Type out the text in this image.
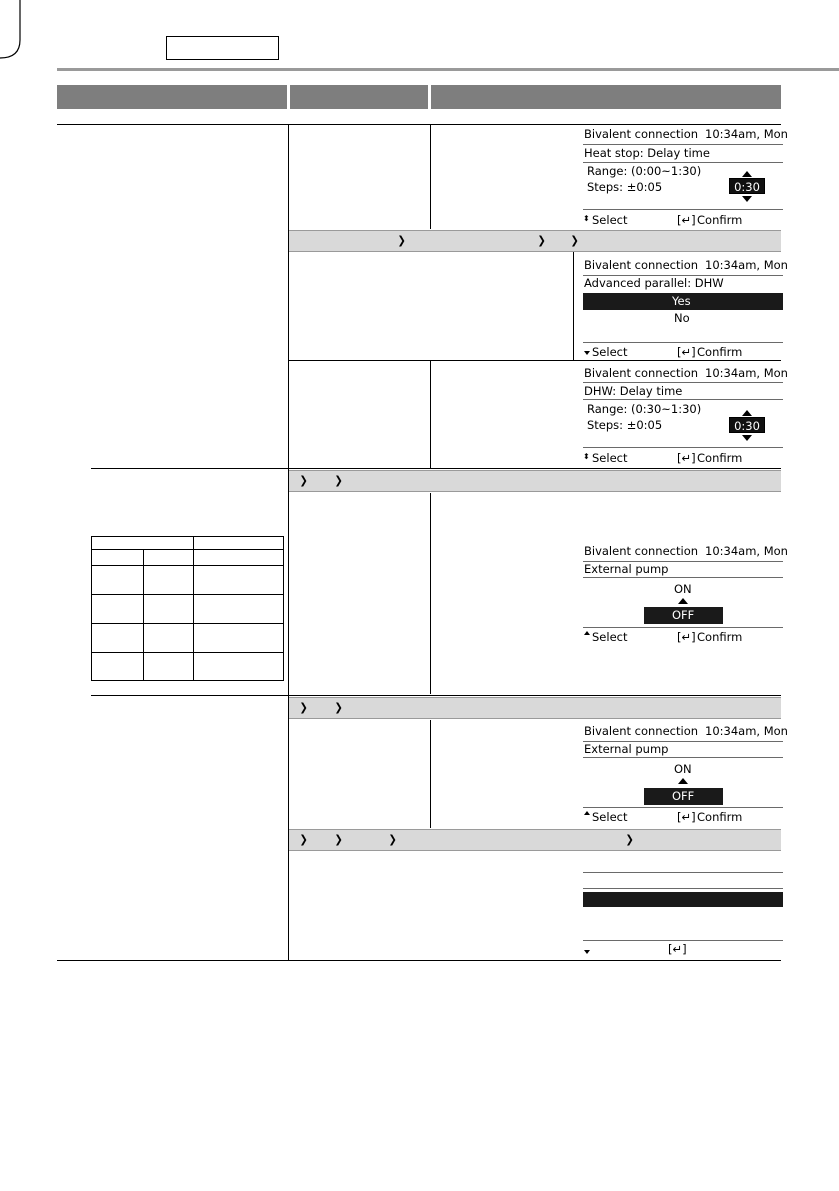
❯	❯ ❯
Bivalent connection 10:34am, Mon
Heat stop: Delay time
Range: (0:00~1:30)
Steps: ±0:05	0:30
⬍ Select	[↵] Confirm
Bivalent connection 10:34am, Mon
Advanced parallel: DHW
Yes
No
Select	[↵] Confirm
Bivalent connection 10:34am, Mon
DHW: Delay time
Range: (0:30~1:30)
Steps: ±0:05	0:30
⬍ Select	[↵] Confirm
❯ ❯
Bivalent connection 10:34am, Mon
External pump
ON
OFF
Select	[↵] Confirm
❯ ❯
Bivalent connection 10:34am, Mon
External pump
ON
OFF
Select	[↵] Confirm
❯ ❯	❯	❯
[↵]
